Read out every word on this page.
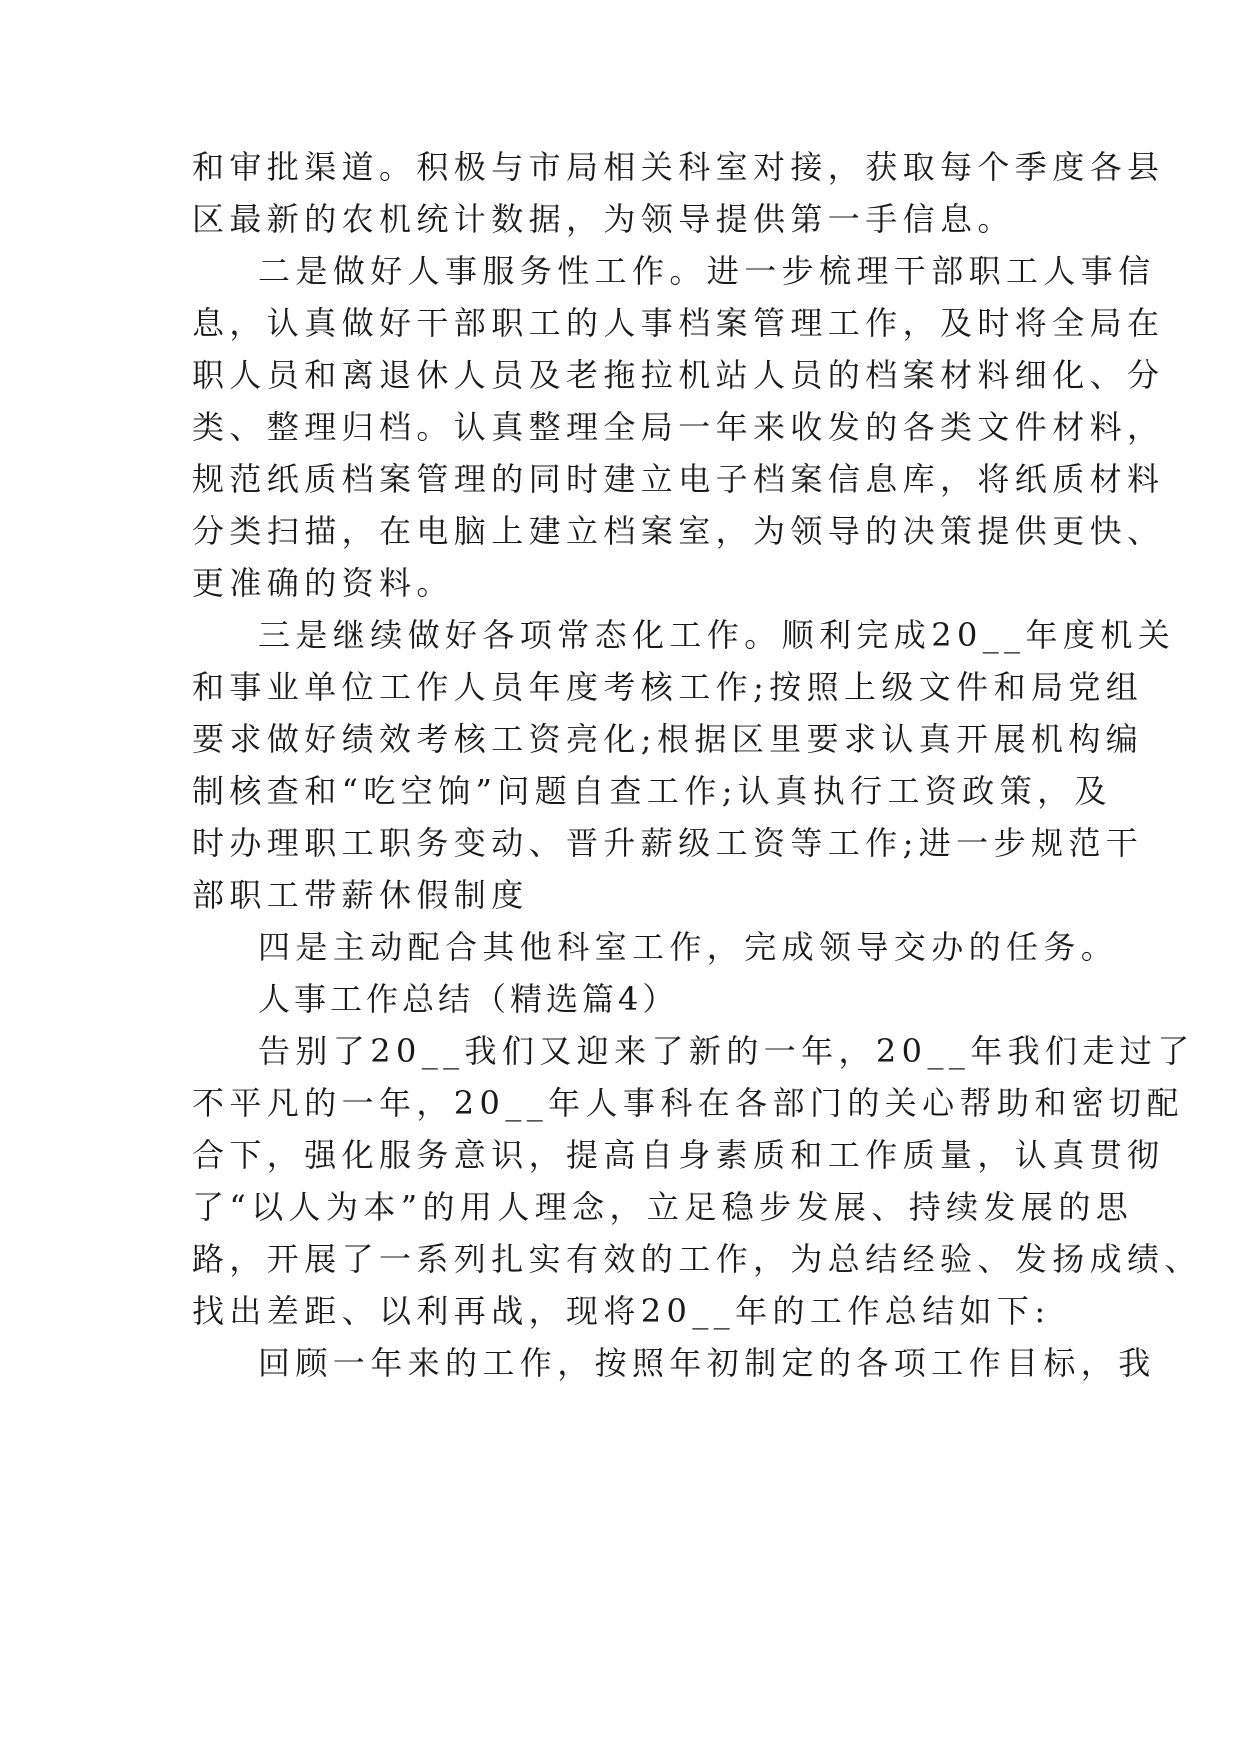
和审批渠道。积极与市局相关科室对接，获取每个季度各县
区最新的农机统计数据，为领导提供第一手信息。
二是做好人事服务性工作。进一步梳理干部职工人事信
息，认真做好干部职工的人事档案管理工作，及时将全局在
职人员和离退休人员及老拖拉机站人员的档案材料细化、分
类、整理归档。认真整理全局一年来收发的各类文件材料，
规范纸质档案管理的同时建立电子档案信息库，将纸质材料
分类扫描，在电脑上建立档案室，为领导的决策提供更快、
更准确的资料。
三是继续做好各项常态化工作。顺利完成20__年度机关
和事业单位工作人员年度考核工作;按照上级文件和局党组
要求做好绩效考核工资亮化;根据区里要求认真开展机构编
制核查和“吃空饷”问题自查工作;认真执行工资政策，及
时办理职工职务变动、晋升薪级工资等工作;进一步规范干
部职工带薪休假制度
四是主动配合其他科室工作，完成领导交办的任务。
人事工作总结（精选篇4）
告别了20__我们又迎来了新的一年，20__年我们走过了
不平凡的一年，20__年人事科在各部门的关心帮助和密切配
合下，强化服务意识，提高自身素质和工作质量，认真贯彻
了“以人为本”的用人理念，立足稳步发展、持续发展的思
路，开展了一系列扎实有效的工作，为总结经验、发扬成绩、
找出差距、以利再战，现将20__年的工作总结如下:
回顾一年来的工作，按照年初制定的各项工作目标，我
